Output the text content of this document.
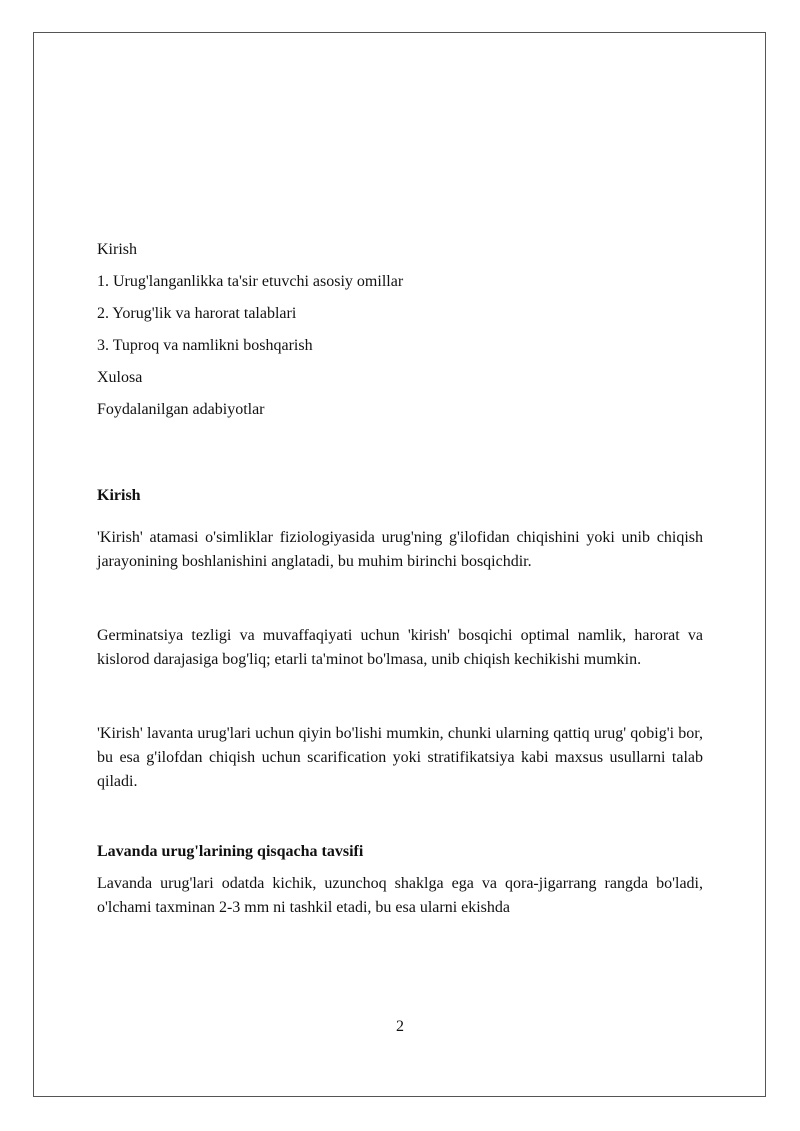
Kirish
1. Urug'langanlikka ta'sir etuvchi asosiy omillar
2. Yorug'lik va harorat talablari
3. Tuproq va namlikni boshqarish
Xulosa
Foydalanilgan adabiyotlar
Kirish

'Kirish' atamasi o'simliklar fiziologiyasida urug'ning g'ilofidan chiqishini yoki unib chiqish jarayonining boshlanishini anglatadi, bu muhim birinchi bosqichdir.

Germinatsiya tezligi va muvaffaqiyati uchun 'kirish' bosqichi optimal namlik, harorat va kislorod darajasiga bog'liq; etarli ta'minot bo'lmasa, unib chiqish kechikishi mumkin.

'Kirish' lavanta urug'lari uchun qiyin bo'lishi mumkin, chunki ularning qattiq urug' qobig'i bor, bu esa g'ilofdan chiqish uchun scarification yoki stratifikatsiya kabi maxsus usullarni talab qiladi.

Lavanda urug'larining qisqacha tavsifi

Lavanda urug'lari odatda kichik, uzunchoq shaklga ega va qora-jigarrang rangda bo'ladi, o'lchami taxminan 2-3 mm ni tashkil etadi, bu esa ularni ekishda

2
